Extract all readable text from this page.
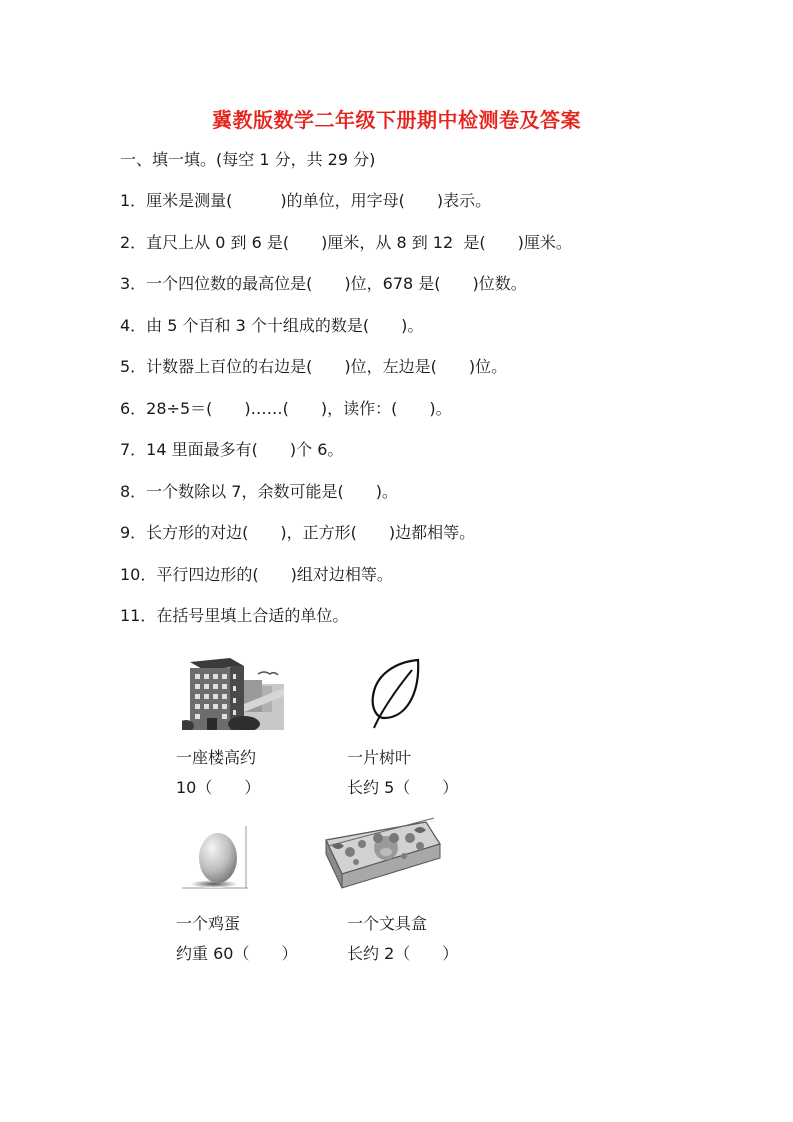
冀教版数学二年级下册期中检测卷及答案
一、填一填。(每空 1 分，共 29 分)
1．厘米是测量(　　　)的单位，用字母(　　)表示。
2．直尺上从 0 到 6 是(　　)厘米，从 8 到 12  是(　　)厘米。
3．一个四位数的最高位是(　　)位，678 是(　　)位数。
4．由 5 个百和 3 个十组成的数是(　　)。
5．计数器上百位的右边是(　　)位，左边是(　　)位。
6．28÷5＝(　　)……(　　)，读作：(　　)。
7．14 里面最多有(　　)个 6。
8．一个数除以 7，余数可能是(　　)。
9．长方形的对边(　　)，正方形(　　)边都相等。
10．平行四边形的(　　)组对边相等。
11．在括号里填上合适的单位。
一座楼高约
10（　　）
一片树叶
长约 5（　　）
一个鸡蛋
约重 60（　　）
一个文具盒
长约 2（　　）
